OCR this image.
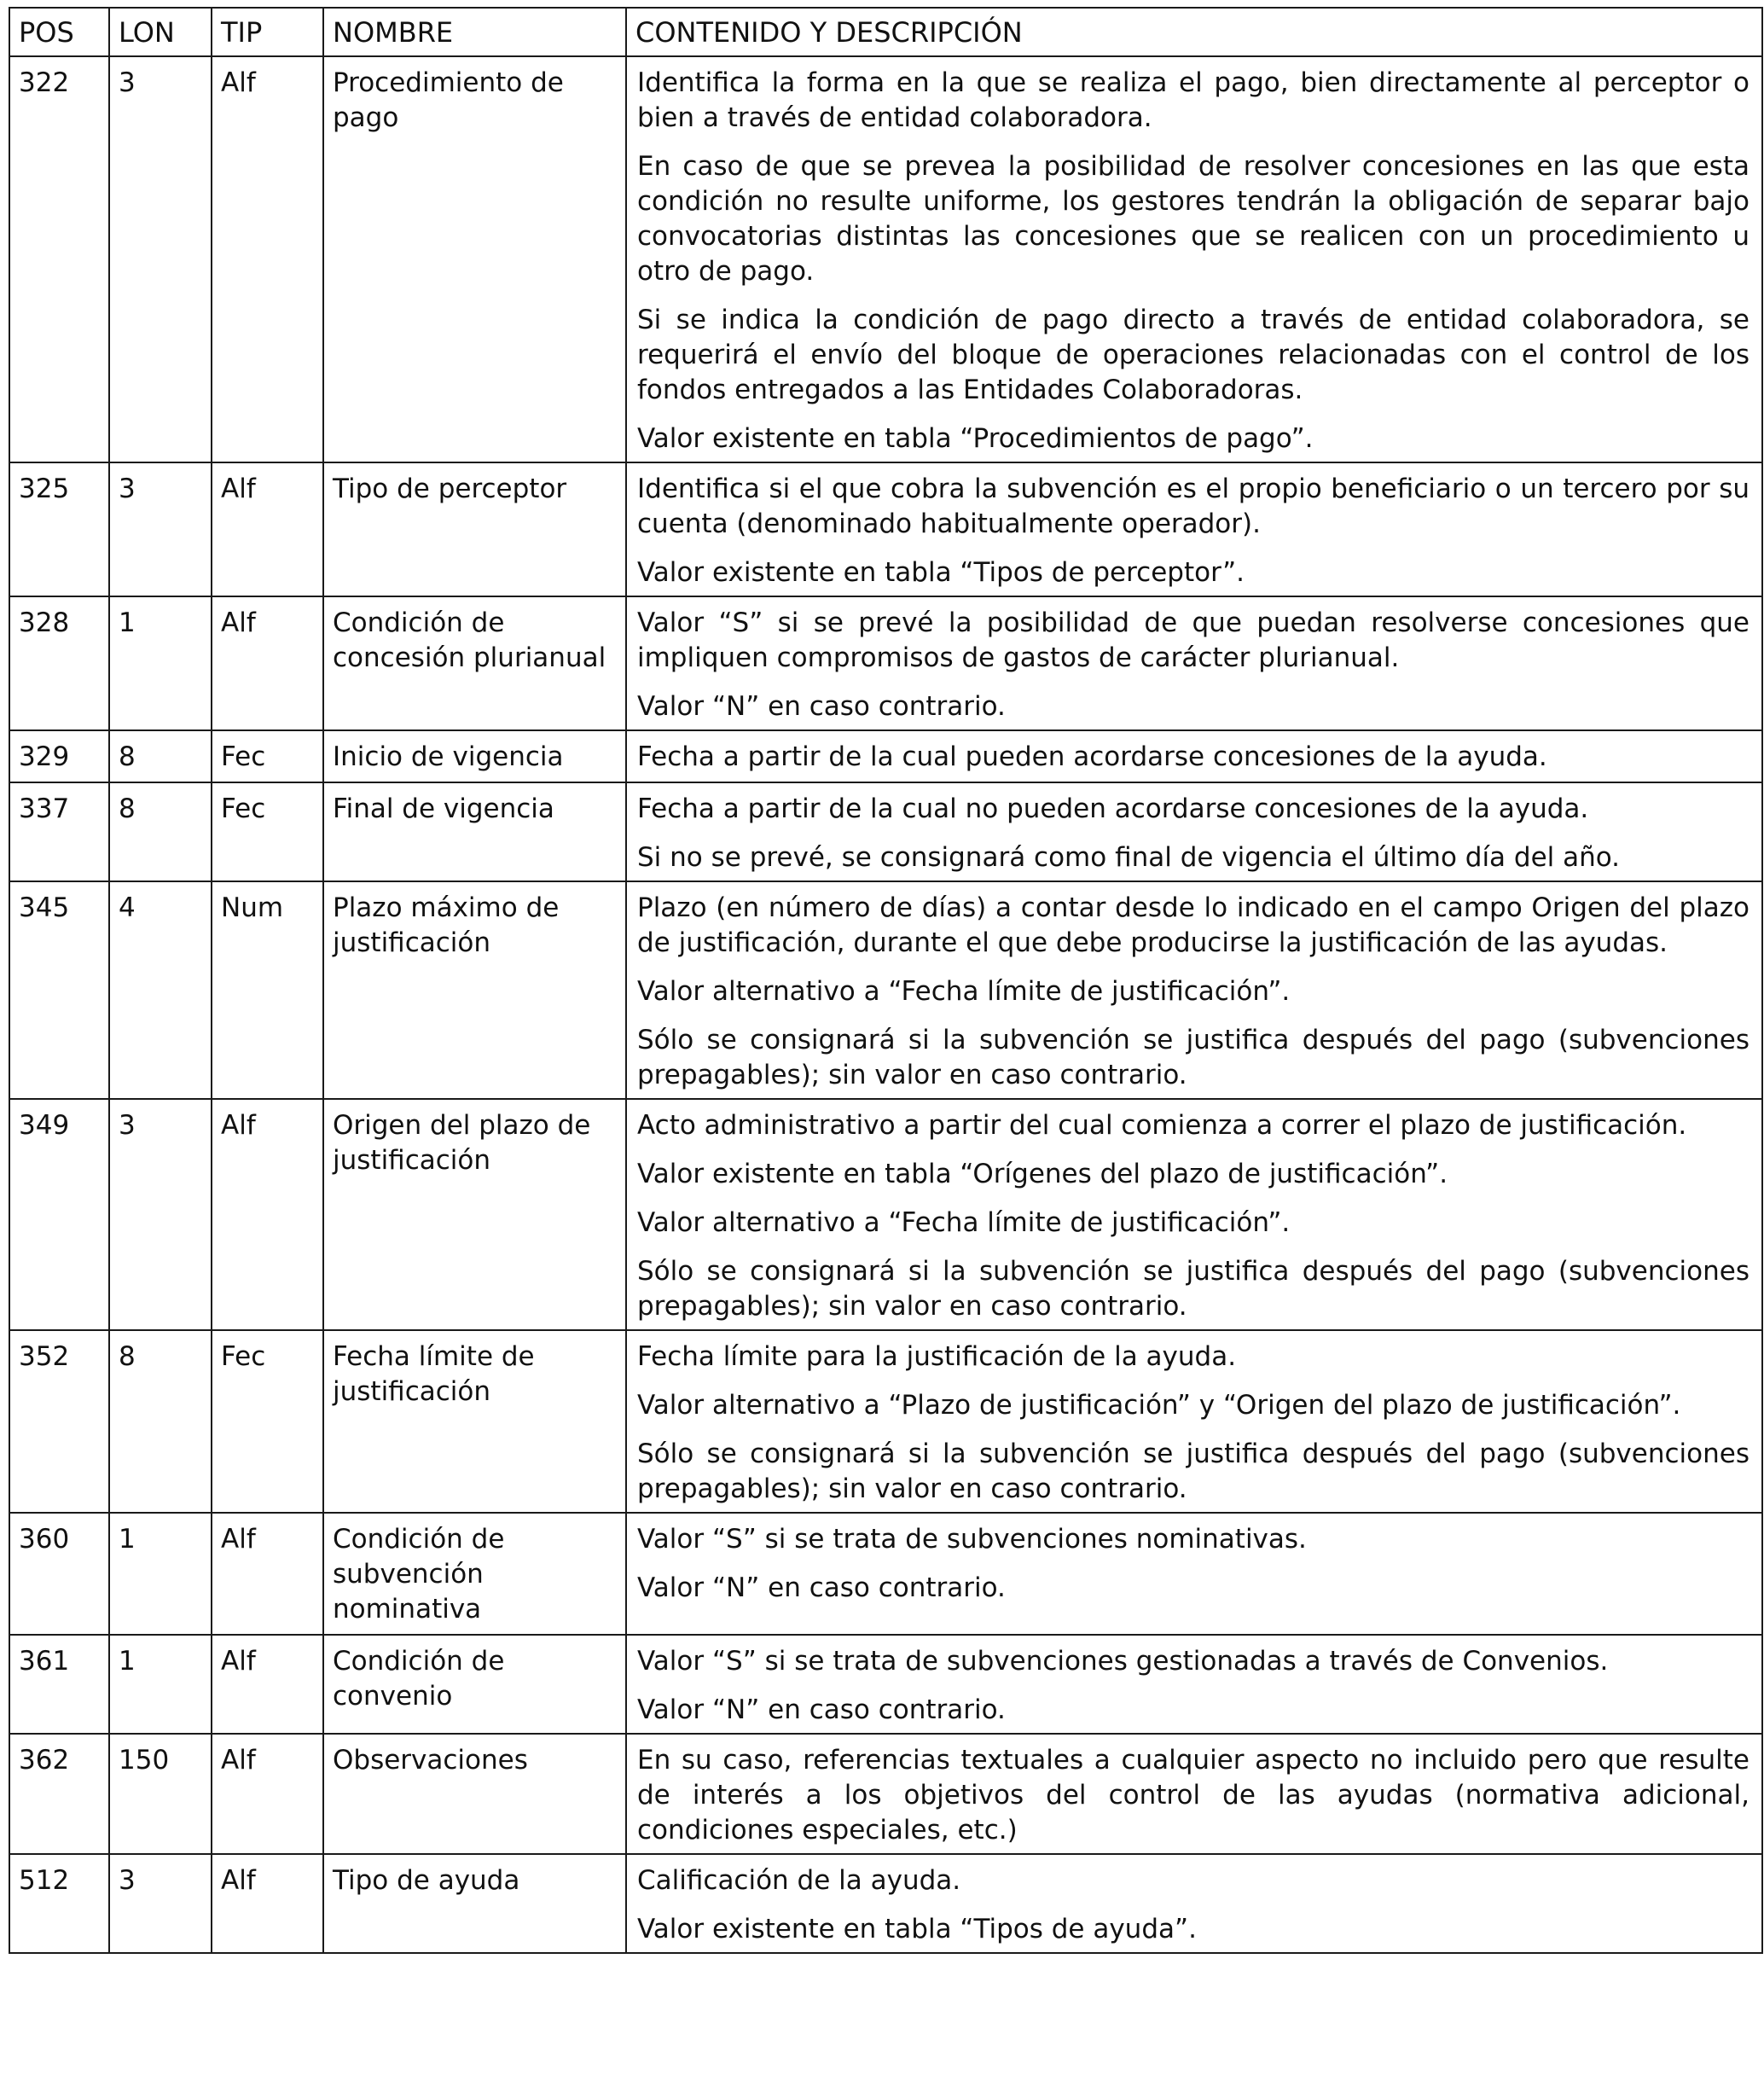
POS	LON	TIP	NOMBRE	CONTENIDO Y DESCRIPCIÓN
322	3	Alf	Procedimiento de pago	Identifica la forma en la que se realiza el pago, bien directamente al perceptor o bien a través de entidad colaboradora.
En caso de que se prevea la posibilidad de resolver concesiones en las que esta condición no resulte uniforme, los gestores tendrán la obligación de separar bajo convocatorias distintas las concesiones que se realicen con un procedimiento u otro de pago.
Si se indica la condición de pago directo a través de entidad colaboradora, se requerirá el envío del bloque de operaciones relacionadas con el control de los fondos entregados a las Entidades Colaboradoras.
Valor existente en tabla “Procedimientos de pago”.

325	3	Alf	Tipo de perceptor	Identifica si el que cobra la subvención es el propio beneficiario o un tercero por su cuenta (denominado habitualmente operador).
Valor existente en tabla “Tipos de perceptor”.

328	1	Alf	Condición de concesión plurianual	Valor “S” si se prevé la posibilidad de que puedan resolverse concesiones que impliquen compromisos de gastos de carácter plurianual.
Valor “N” en caso contrario.

329	8	Fec	Inicio de vigencia	Fecha a partir de la cual pueden acordarse concesiones de la ayuda.

337	8	Fec	Final de vigencia	Fecha a partir de la cual no pueden acordarse concesiones de la ayuda.
Si no se prevé, se consignará como final de vigencia el último día del año.

345	4	Num	Plazo máximo de justificación	Plazo (en número de días) a contar desde lo indicado en el campo Origen del plazo de justificación, durante el que debe producirse la justificación de las ayudas.
Valor alternativo a “Fecha límite de justificación”.
Sólo se consignará si la subvención se justifica después del pago (subvenciones prepagables); sin valor en caso contrario.

349	3	Alf	Origen del plazo de justificación	Acto administrativo a partir del cual comienza a correr el plazo de justificación.
Valor existente en tabla “Orígenes del plazo de justificación”.
Valor alternativo a “Fecha límite de justificación”.
Sólo se consignará si la subvención se justifica después del pago (subvenciones prepagables); sin valor en caso contrario.

352	8	Fec	Fecha límite de justificación	Fecha límite para la justificación de la ayuda.
Valor alternativo a “Plazo de justificación” y “Origen del plazo de justificación”.
Sólo se consignará si la subvención se justifica después del pago (subvenciones prepagables); sin valor en caso contrario.

360	1	Alf	Condición de subvención nominativa	Valor “S” si se trata de subvenciones nominativas.
Valor “N” en caso contrario.

361	1	Alf	Condición de convenio	Valor “S” si se trata de subvenciones gestionadas a través de Convenios.
Valor “N” en caso contrario.

362	150	Alf	Observaciones	En su caso, referencias textuales a cualquier aspecto no incluido pero que resulte de interés a los objetivos del control de las ayudas (normativa adicional, condiciones especiales, etc.)

512	3	Alf	Tipo de ayuda	Calificación de la ayuda.
Valor existente en tabla “Tipos de ayuda”.
